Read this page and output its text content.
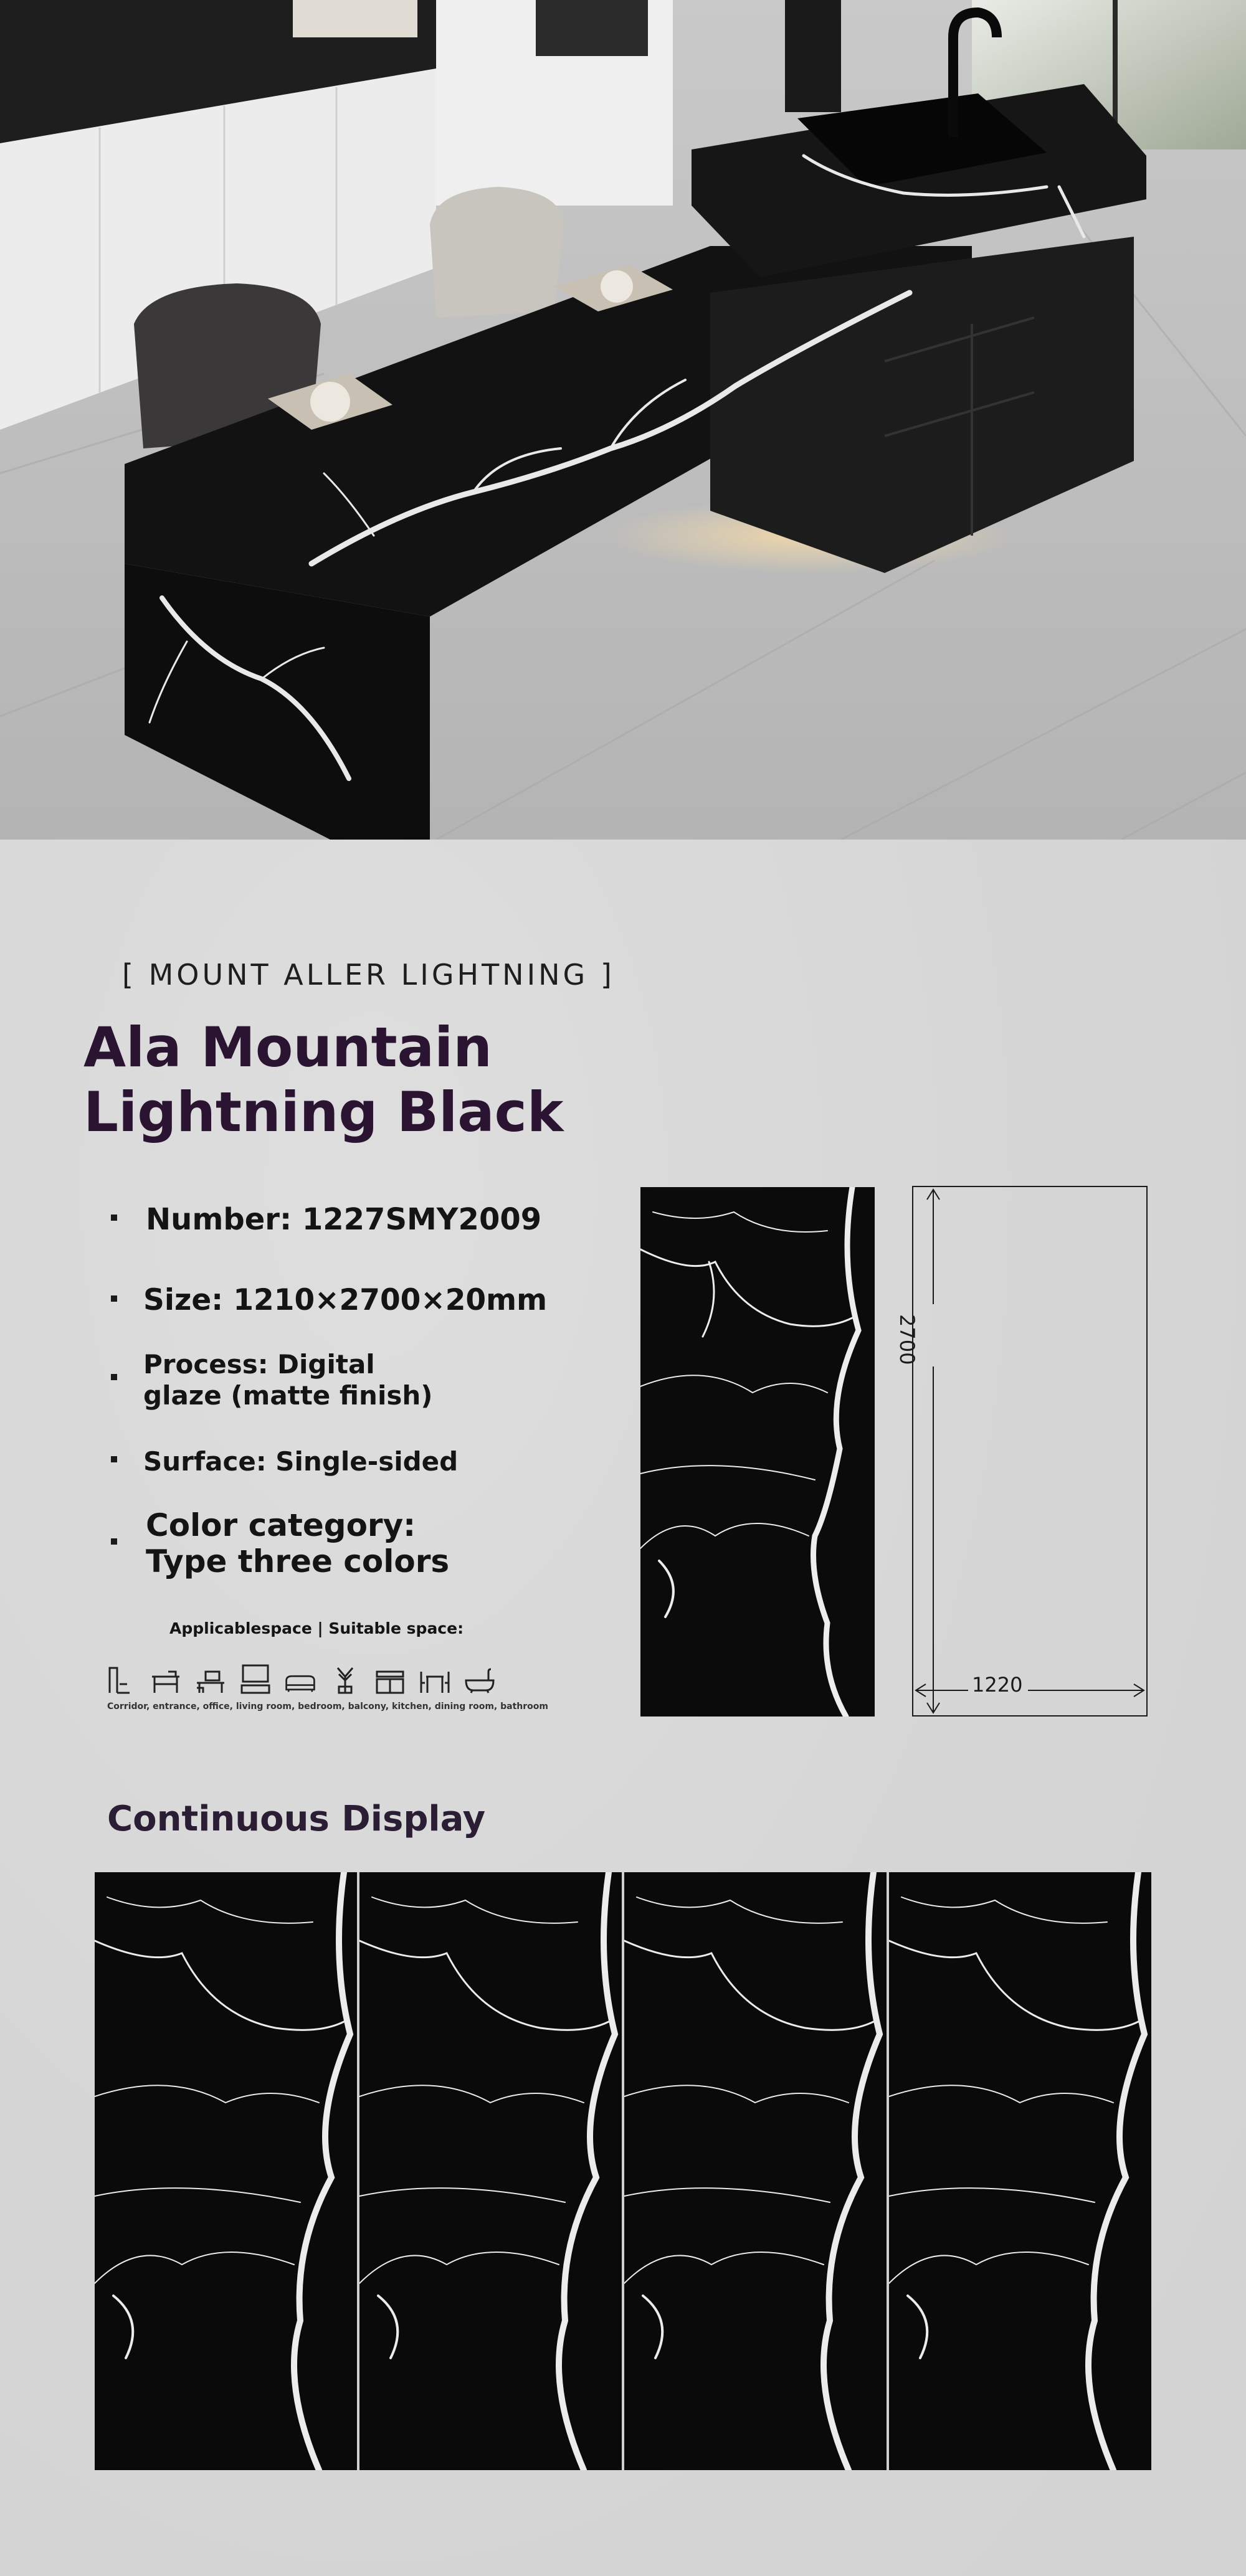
[ MOUNT ALLER LIGHTNING ]
Ala Mountain
Lightning Black
Number: 1227SMY2009
Size: 1210×2700×20mm
Process: Digital
glaze (matte finish)
Surface: Single-sided
Color category:
Type three colors
Applicablespace | Suitable space:
Corridor, entrance, office, living room, bedroom, balcony, kitchen, dining room, bathroom
2700
1220
Continuous Display
